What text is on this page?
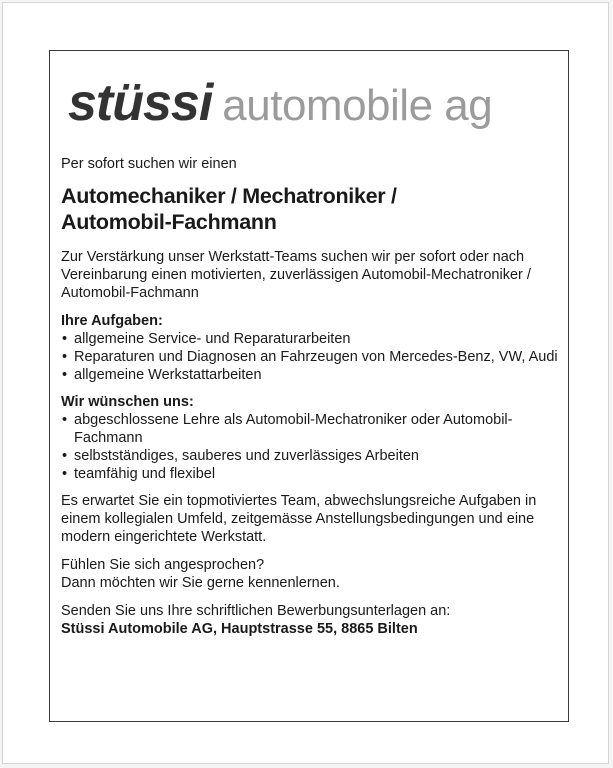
stüssi automobile ag

Per sofort suchen wir einen

Automechaniker / Mechatroniker /
Automobil-Fachmann

Zur Verstärkung unser Werkstatt-Teams suchen wir per sofort oder nach Vereinbarung einen motivierten, zuverlässigen Automobil-Mechatroniker / Automobil-Fachmann

Ihre Aufgaben:

• allgemeine Service- und Reparaturarbeiten
• Reparaturen und Diagnosen an Fahrzeugen von Mercedes-Benz, VW, Audi
• allgemeine Werkstattarbeiten

Wir wünschen uns:

• abgeschlossene Lehre als Automobil-Mechatroniker oder Automobil-Fachmann
• selbstständiges, sauberes und zuverlässiges Arbeiten
• teamfähig und flexibel

Es erwartet Sie ein topmotiviertes Team, abwechslungsreiche Aufgaben in einem kollegialen Umfeld, zeitgemässe Anstellungsbedingungen und eine modern eingerichtete Werkstatt.

Fühlen Sie sich angesprochen?
Dann möchten wir Sie gerne kennenlernen.
Senden Sie uns Ihre schriftlichen Bewerbungsunterlagen an:
Stüssi Automobile AG, Hauptstrasse 55, 8865 Bilten
